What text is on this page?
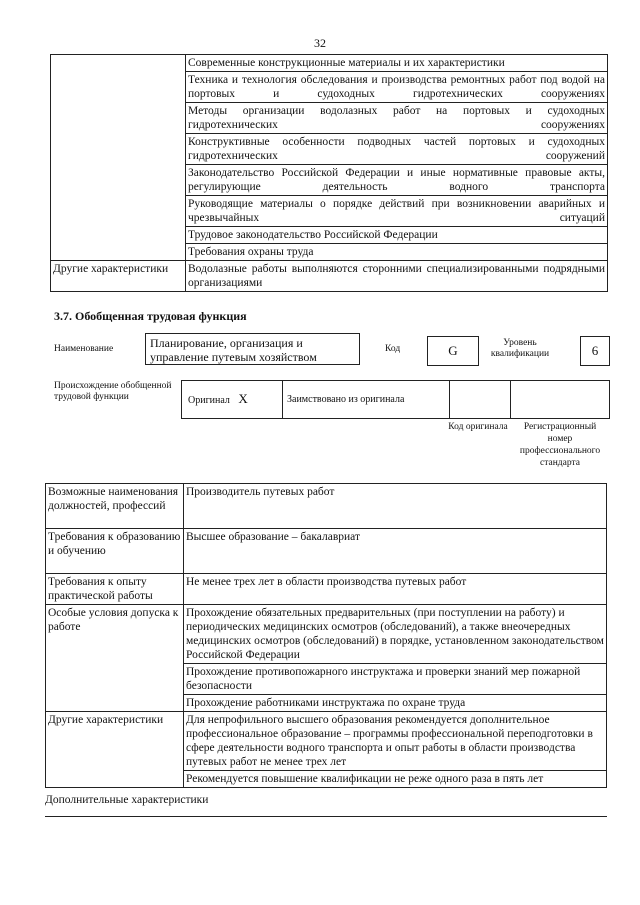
32
	Современные конструкционные материалы и их характеристики
	Техника и технология обследования и производства ремонтных работ под водой на портовых и судоходных гидротехнических сооружениях
	Методы организации водолазных работ на портовых и судоходных гидротехнических сооружениях
	Конструктивные особенности подводных частей портовых и судоходных гидротехнических сооружений
	Законодательство Российской Федерации и иные нормативные правовые акты, регулирующие деятельность водного транспорта
	Руководящие материалы о порядке действий при возникновении аварийных и чрезвычайных ситуаций
	Трудовое законодательство Российской Федерации
	Требования охраны труда
Другие характеристики	Водолазные работы выполняются сторонними специализированными подрядными организациями
3.7. Обобщенная трудовая функция
Наименование	Планирование, организация и управление путевым хозяйством
Код	G	Уровень квалификации	6
Происхождение обобщенной трудовой функции	Оригинал X	Заимствовано из оригинала		
Код оригинала	Регистрационный номер профессионального стандарта
Возможные наименования должностей, профессий	Производитель путевых работ
Требования к образованию и обучению	Высшее образование – бакалавриат
Требования к опыту практической работы	Не менее трех лет в области производства путевых работ
Особые условия допуска к работе	Прохождение обязательных предварительных (при поступлении на работу) и периодических медицинских осмотров (обследований), а также внеочередных медицинских осмотров (обследований) в порядке, установленном законодательством Российской Федерации
	Прохождение противопожарного инструктажа и проверки знаний мер пожарной безопасности
	Прохождение работниками инструктажа по охране труда
Другие характеристики	Для непрофильного высшего образования рекомендуется дополнительное профессиональное образование – программы профессиональной переподготовки в сфере деятельности водного транспорта и опыт работы в области производства путевых работ не менее трех лет
	Рекомендуется повышение квалификации не реже одного раза в пять лет
Дополнительные характеристики
